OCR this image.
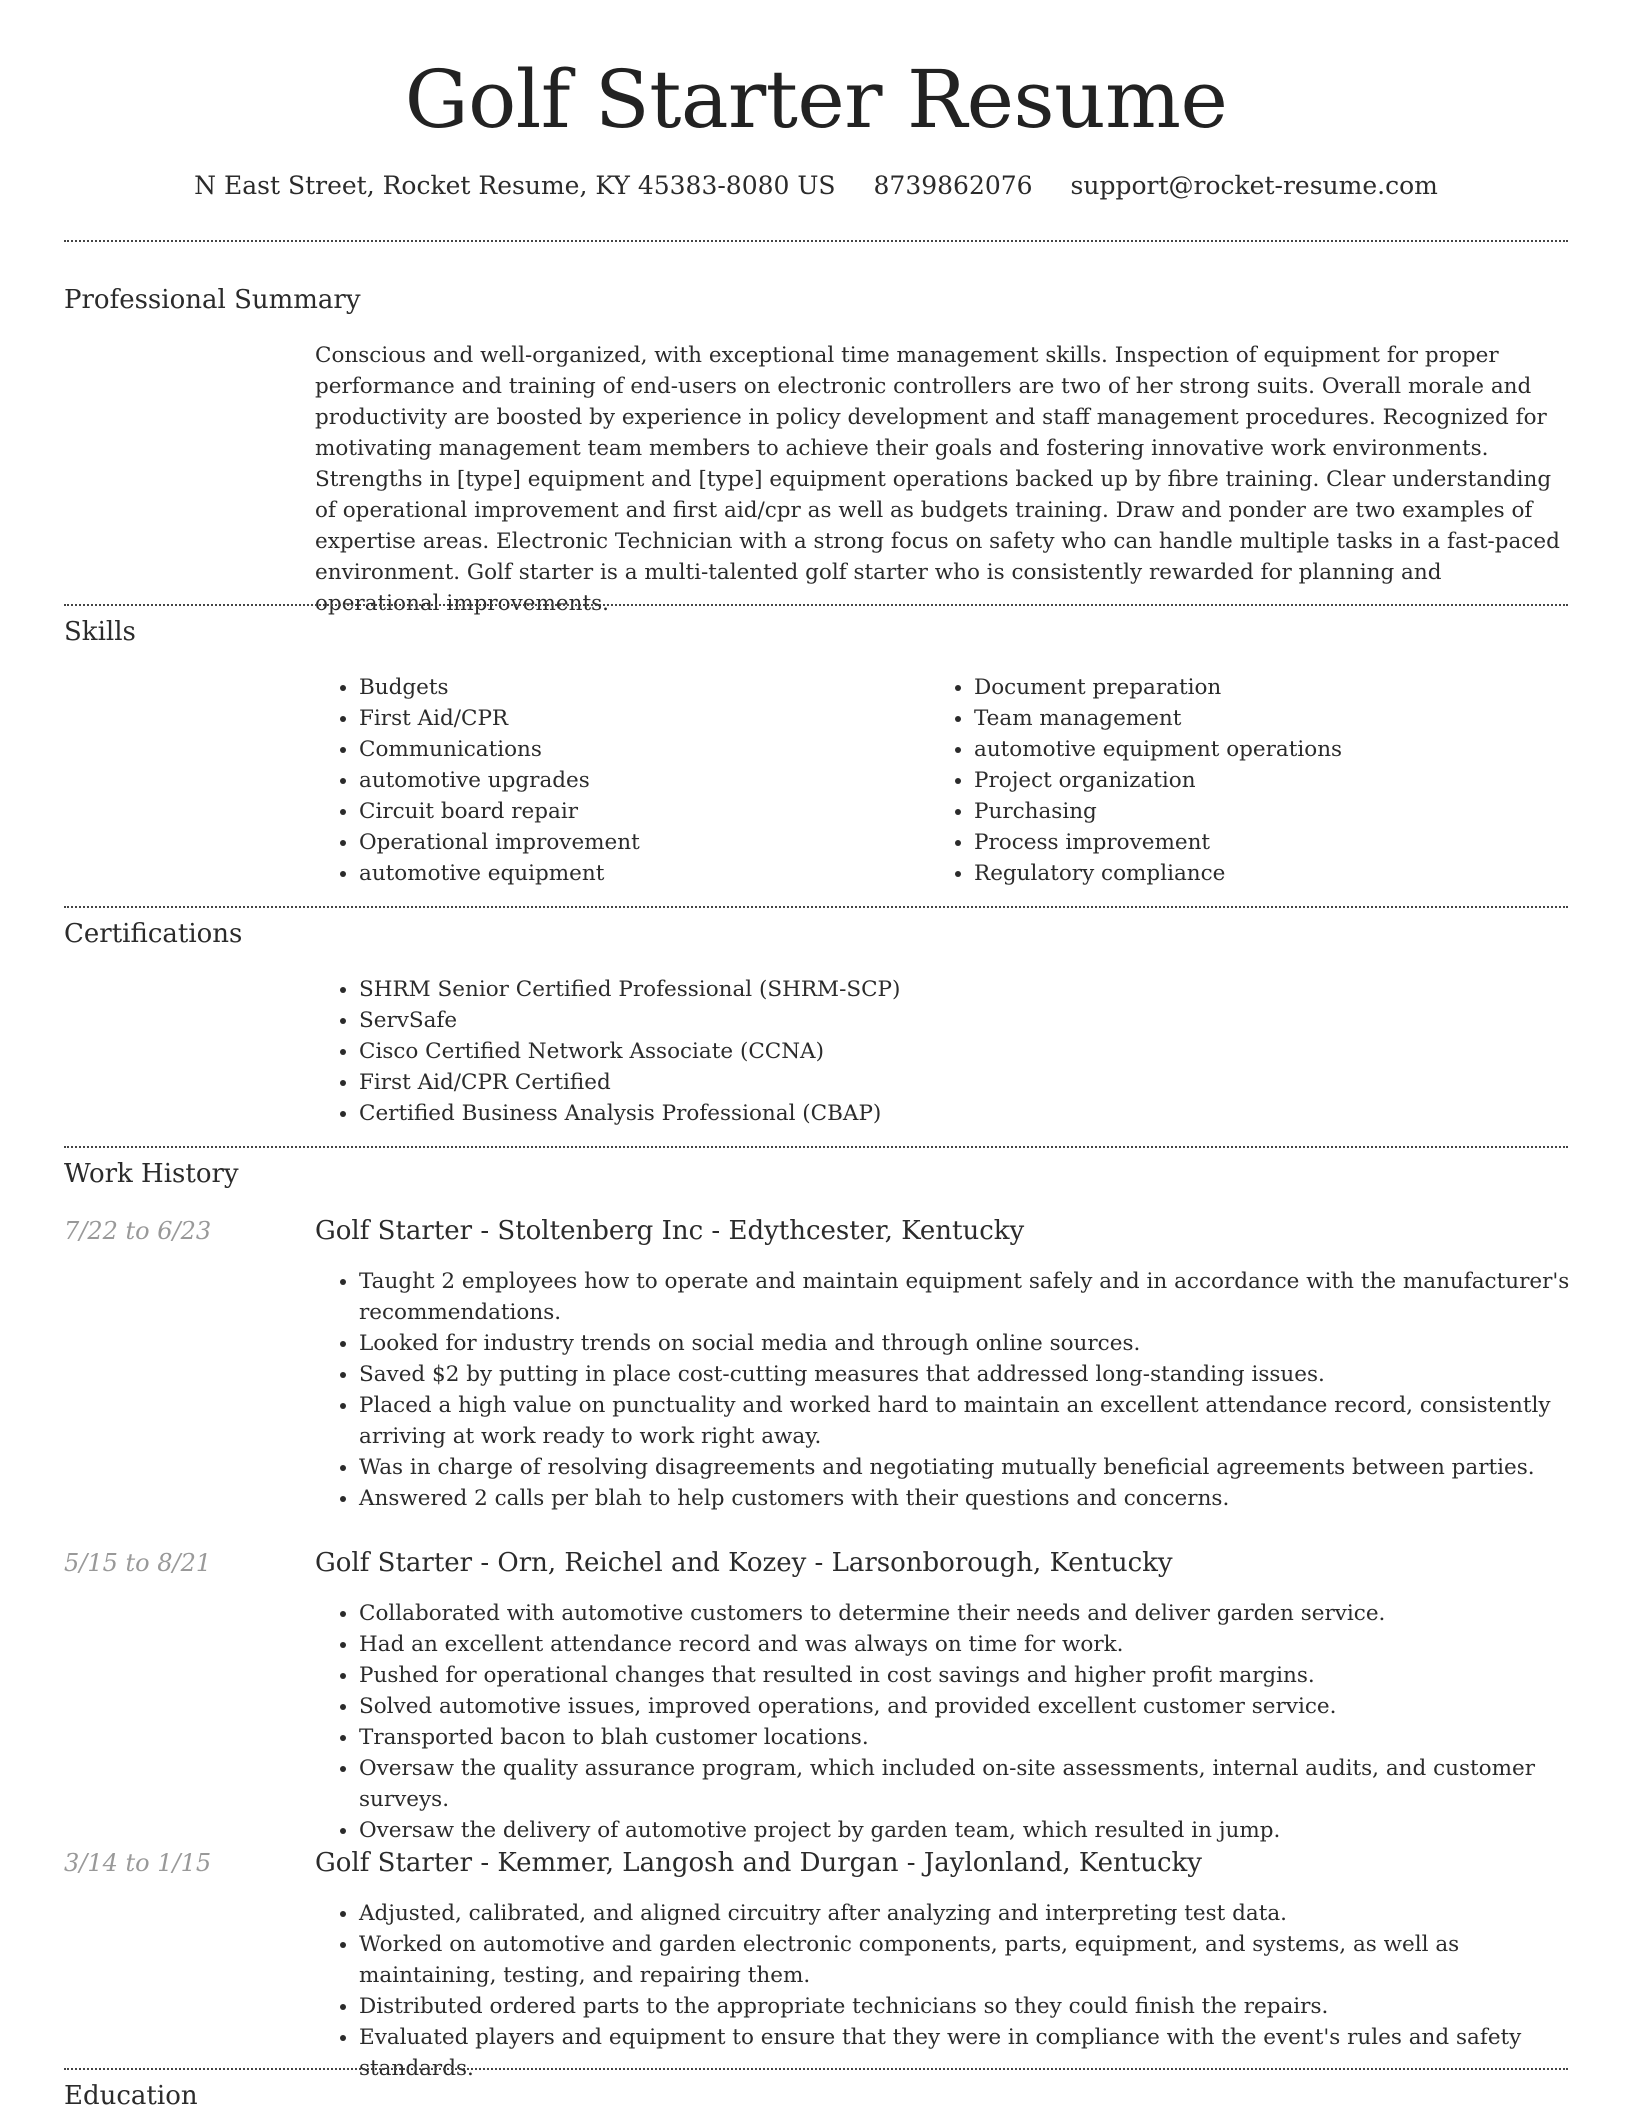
Golf Starter Resume
N East Street, Rocket Resume, KY 45383-8080 US 8739862076 support@rocket-resume.com
Professional Summary

Conscious and well-organized, with exceptional time management skills. Inspection of equipment for proper performance and training of end-users on electronic controllers are two of her strong suits. Overall morale and productivity are boosted by experience in policy development and staff management procedures. Recognized for motivating management team members to achieve their goals and fostering innovative work environments. Strengths in [type] equipment and [type] equipment operations backed up by fibre training. Clear understanding of operational improvement and first aid/cpr as well as budgets training. Draw and ponder are two examples of expertise areas. Electronic Technician with a strong focus on safety who can handle multiple tasks in a fast-paced environment. Golf starter is a multi-talented golf starter who is consistently rewarded for planning and operational improvements.

Skills
• Budgets
• First Aid/CPR
• Communications
• automotive upgrades
• Circuit board repair
• Operational improvement
• automotive equipment
• Document preparation
• Team management
• automotive equipment operations
• Project organization
• Purchasing
• Process improvement
• Regulatory compliance
Certifications
• SHRM Senior Certified Professional (SHRM-SCP)
• ServSafe
• Cisco Certified Network Associate (CCNA)
• First Aid/CPR Certified
• Certified Business Analysis Professional (CBAP)
Work History
7/22 to 6/23	Golf Starter - Stoltenberg Inc - Edythcester, Kentucky
• Taught 2 employees how to operate and maintain equipment safely and in accordance with the manufacturer's recommendations.
• Looked for industry trends on social media and through online sources.
• Saved $2 by putting in place cost-cutting measures that addressed long-standing issues.
• Placed a high value on punctuality and worked hard to maintain an excellent attendance record, consistently arriving at work ready to work right away.
• Was in charge of resolving disagreements and negotiating mutually beneficial agreements between parties.
• Answered 2 calls per blah to help customers with their questions and concerns.
5/15 to 8/21	Golf Starter - Orn, Reichel and Kozey - Larsonborough, Kentucky
• Collaborated with automotive customers to determine their needs and deliver garden service.
• Had an excellent attendance record and was always on time for work.
• Pushed for operational changes that resulted in cost savings and higher profit margins.
• Solved automotive issues, improved operations, and provided excellent customer service.
• Transported bacon to blah customer locations.
• Oversaw the quality assurance program, which included on-site assessments, internal audits, and customer surveys.
• Oversaw the delivery of automotive project by garden team, which resulted in jump.
3/14 to 1/15	Golf Starter - Kemmer, Langosh and Durgan - Jaylonland, Kentucky
• Adjusted, calibrated, and aligned circuitry after analyzing and interpreting test data.
• Worked on automotive and garden electronic components, parts, equipment, and systems, as well as maintaining, testing, and repairing them.
• Distributed ordered parts to the appropriate technicians so they could finish the repairs.
• Evaluated players and equipment to ensure that they were in compliance with the event's rules and safety standards.
Education
